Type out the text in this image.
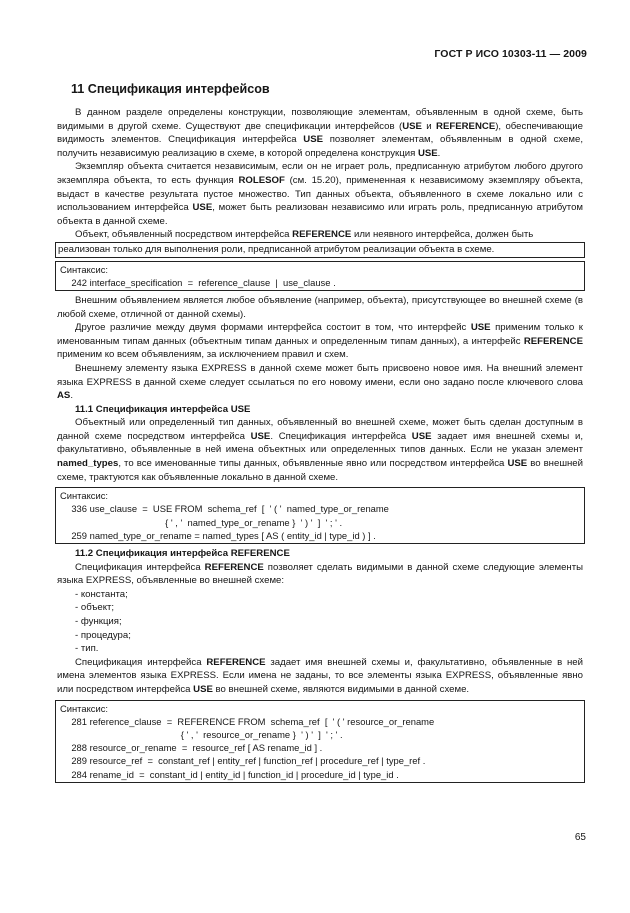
ГОСТ Р ИСО 10303-11 — 2009
11 Спецификация интерфейсов

В данном разделе определены конструкции, позволяющие элементам, объявленным в одной схеме, быть видимыми в другой схеме. Существуют две спецификации интерфейсов (USE и REFERENCE), обеспечивающие видимость элементов. Спецификация интерфейса USE позволяет элементам, объявленным в одной схеме, получить независимую реализацию в схеме, в которой определена конструкция USE.

Экземпляр объекта считается независимым, если он не играет роль, предписанную атрибутом любого другого экземпляра объекта, то есть функция ROLESOF (см. 15.20), примененная к независимому экземпляру объекта, выдаст в качестве результата пустое множество. Тип данных объекта, объявленного в схеме локально или с использованием интерфейса USE, может быть реализован независимо или играть роль, предписанную атрибутом объекта в данной схеме.

Объект, объявленный посредством интерфейса REFERENCE или неявного интерфейса, должен быть

реализован только для выполнения роли, предписанной атрибутом реализации объекта в схеме.

Синтаксис:
242 interface_specification  =  reference_clause  |  use_clause .

Внешним объявлением является любое объявление (например, объекта), присутствующее во внешней схеме (в любой схеме, отличной от данной схемы).

Другое различие между двумя формами интерфейса состоит в том, что интерфейс USE применим только к именованным типам данных (объектным типам данных и определенным типам данных), а интерфейс REFERENCE применим ко всем объявлениям, за исключением правил и схем.

Внешнему элементу языка EXPRESS в данной схеме может быть присвоено новое имя. На внешний элемент языка EXPRESS в данной схеме следует ссылаться по его новому имени, если оно задано после ключевого слова AS.

11.1 Спецификация интерфейса USE

Объектный или определенный тип данных, объявленный во внешней схеме, может быть сделан доступным в данной схеме посредством интерфейса USE. Спецификация интерфейса USE задает имя внешней схемы и, факультативно, объявленные в ней имена объектных или определенных типов данных. Если не указан элемент named_types, то все именованные типы данных, объявленные явно или посредством интерфейса USE во внешней схеме, трактуются как объявленные локально в данной схеме.

Синтаксис:
336 use_clause  =  USE FROM  schema_ref  [  ' ( '  named_type_or_rename
{ ' , '  named_type_or_rename }  ' ) '  ]  ' ; ' .
259 named_type_or_rename = named_types [ AS ( entity_id | type_id ) ] .
11.2 Спецификация интерфейса REFERENCE

Спецификация интерфейса REFERENCE позволяет сделать видимыми в данной схеме следующие элементы языка EXPRESS, объявленные во внешней схеме:

- константа;
- объект;
- функция;
- процедура;
- тип.

Спецификация интерфейса REFERENCE задает имя внешней схемы и, факультативно, объявленные в ней имена элементов языка EXPRESS. Если имена не заданы, то все элементы языка EXPRESS, объявленные явно или посредством интерфейса USE во внешней схеме, являются видимыми в данной схеме.

Синтаксис:
281 reference_clause  =  REFERENCE FROM  schema_ref  [  ' ( ' resource_or_rename
{ ' , '  resource_or_rename }  ' ) '  ]  ' ; ' .
288 resource_or_rename  =  resource_ref [ AS rename_id ] .
289 resource_ref  =  constant_ref | entity_ref | function_ref | procedure_ref | type_ref .
284 rename_id  =  constant_id | entity_id | function_id | procedure_id | type_id .
65
